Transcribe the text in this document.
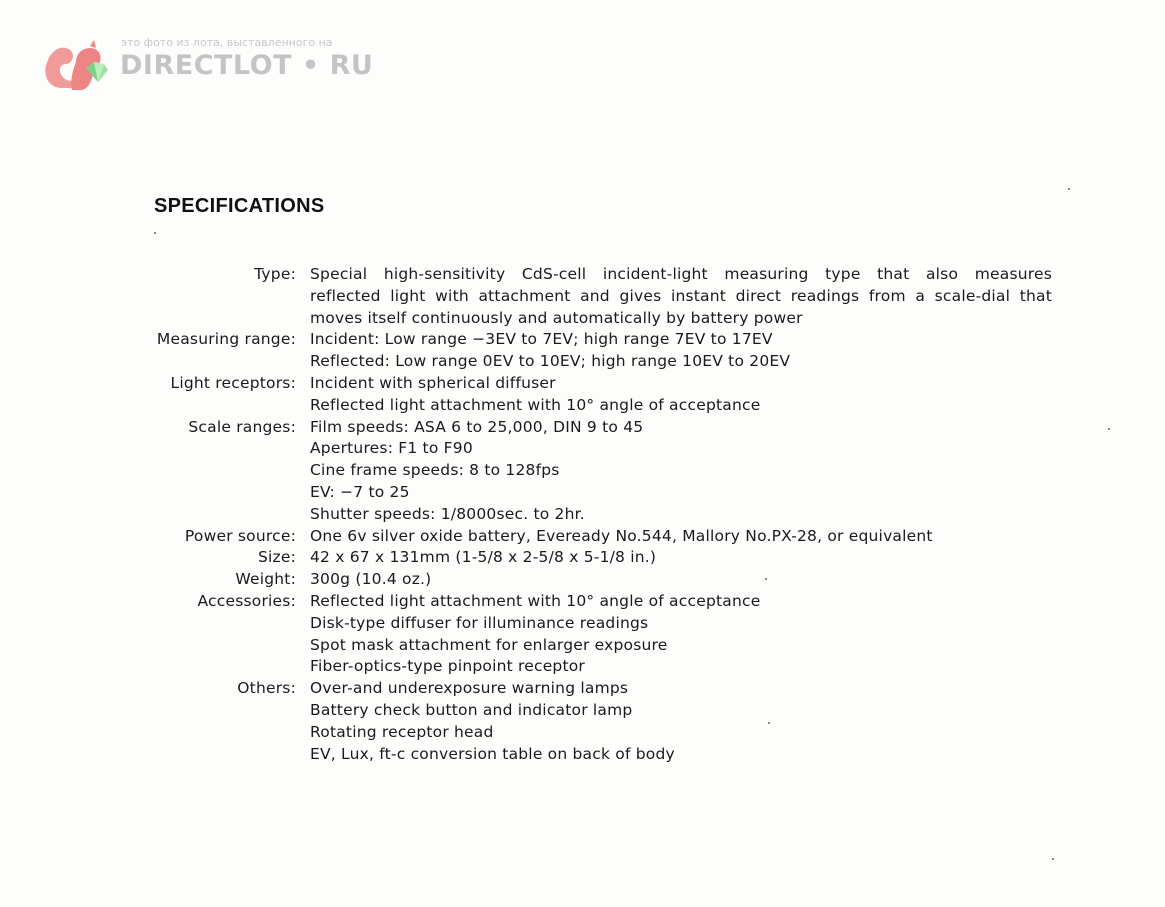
это фото из лота, выставленного на
DIRECTLOT • RU
SPECIFICATIONS
Type: Special high-sensitivity CdS-cell incident-light measuring type that also measures
reflected light with attachment and gives instant direct readings from a scale-dial that
moves itself continuously and automatically by battery power
Measuring range: Incident: Low range −3EV to 7EV; high range 7EV to 17EV
Reflected: Low range 0EV to 10EV; high range 10EV to 20EV
Light receptors: Incident with spherical diffuser
Reflected light attachment with 10° angle of acceptance
Scale ranges: Film speeds: ASA 6 to 25,000, DIN 9 to 45
Apertures: F1 to F90
Cine frame speeds: 8 to 128fps
EV: −7 to 25
Shutter speeds: 1/8000sec. to 2hr.
Power source: One 6v silver oxide battery, Eveready No.544, Mallory No.PX-28, or equivalent
Size: 42 x 67 x 131mm (1-5/8 x 2-5/8 x 5-1/8 in.)
Weight: 300g (10.4 oz.)
Accessories: Reflected light attachment with 10° angle of acceptance
Disk-type diffuser for illuminance readings
Spot mask attachment for enlarger exposure
Fiber-optics-type pinpoint receptor
Others: Over-and underexposure warning lamps
Battery check button and indicator lamp
Rotating receptor head
EV, Lux, ft-c conversion table on back of body
